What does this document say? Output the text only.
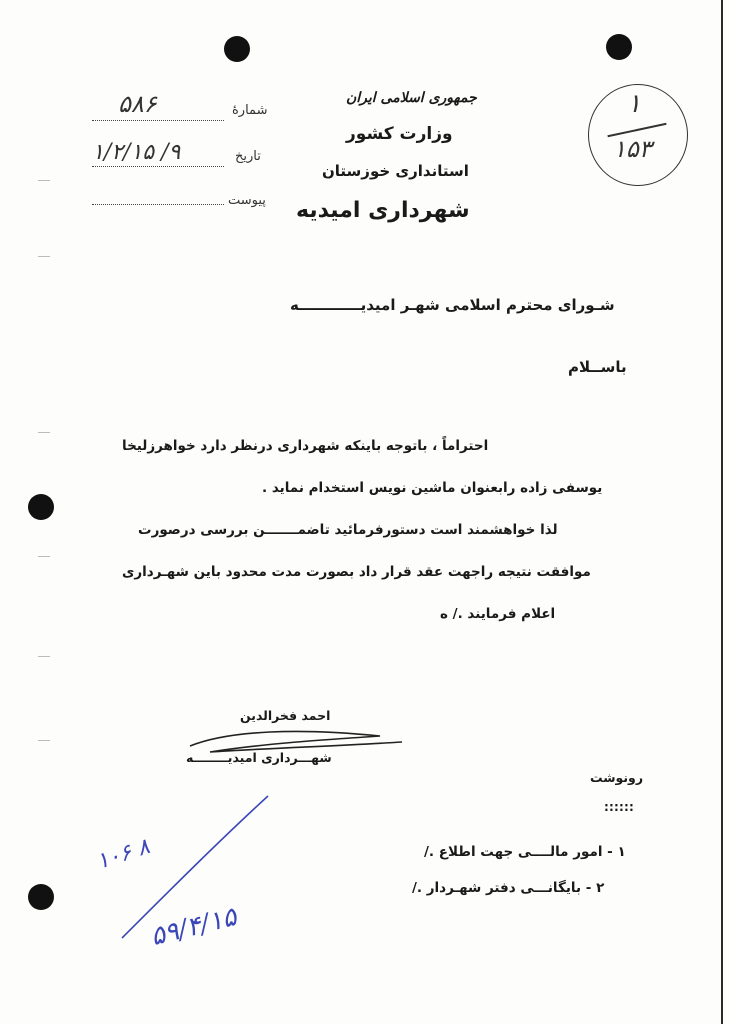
شمارهٔ
۵۸۶
تاریخ
۱/۲/۱۵ /۹
پیوست
جمهوری اسلامی ایران
وزارت کشور
استانداری خوزستان
شهرداری امیدیه
۱
۱۵۳
شـورای محترم اسلامی شهـر امیدیــــــــــــه
باســلام
احتراماً ، باتوجه باینکه شهرداری درنظر دارد خواهرزلیخا
یوسفی زاده رابعنوان ماشین نویس استخدام نماید .
لذا خواهشمند است دستورفرمائید تاضمـــــــن بررسی درصورت
موافقت نتیجه راجهت عقد قرار داد بصورت مدت محدود باین شهـرداری
اعلام فرمایند ./ ه
احمد فخرالدین
شهـــرداری امیدیــــــــه
رونوشت
::::::
۱ - امور مالــــی جهت اطلاع ./
۲ - بایگانـــی دفتر شهـردار ./
۱۰۶ ۸
۵۹/۴/۱۵
